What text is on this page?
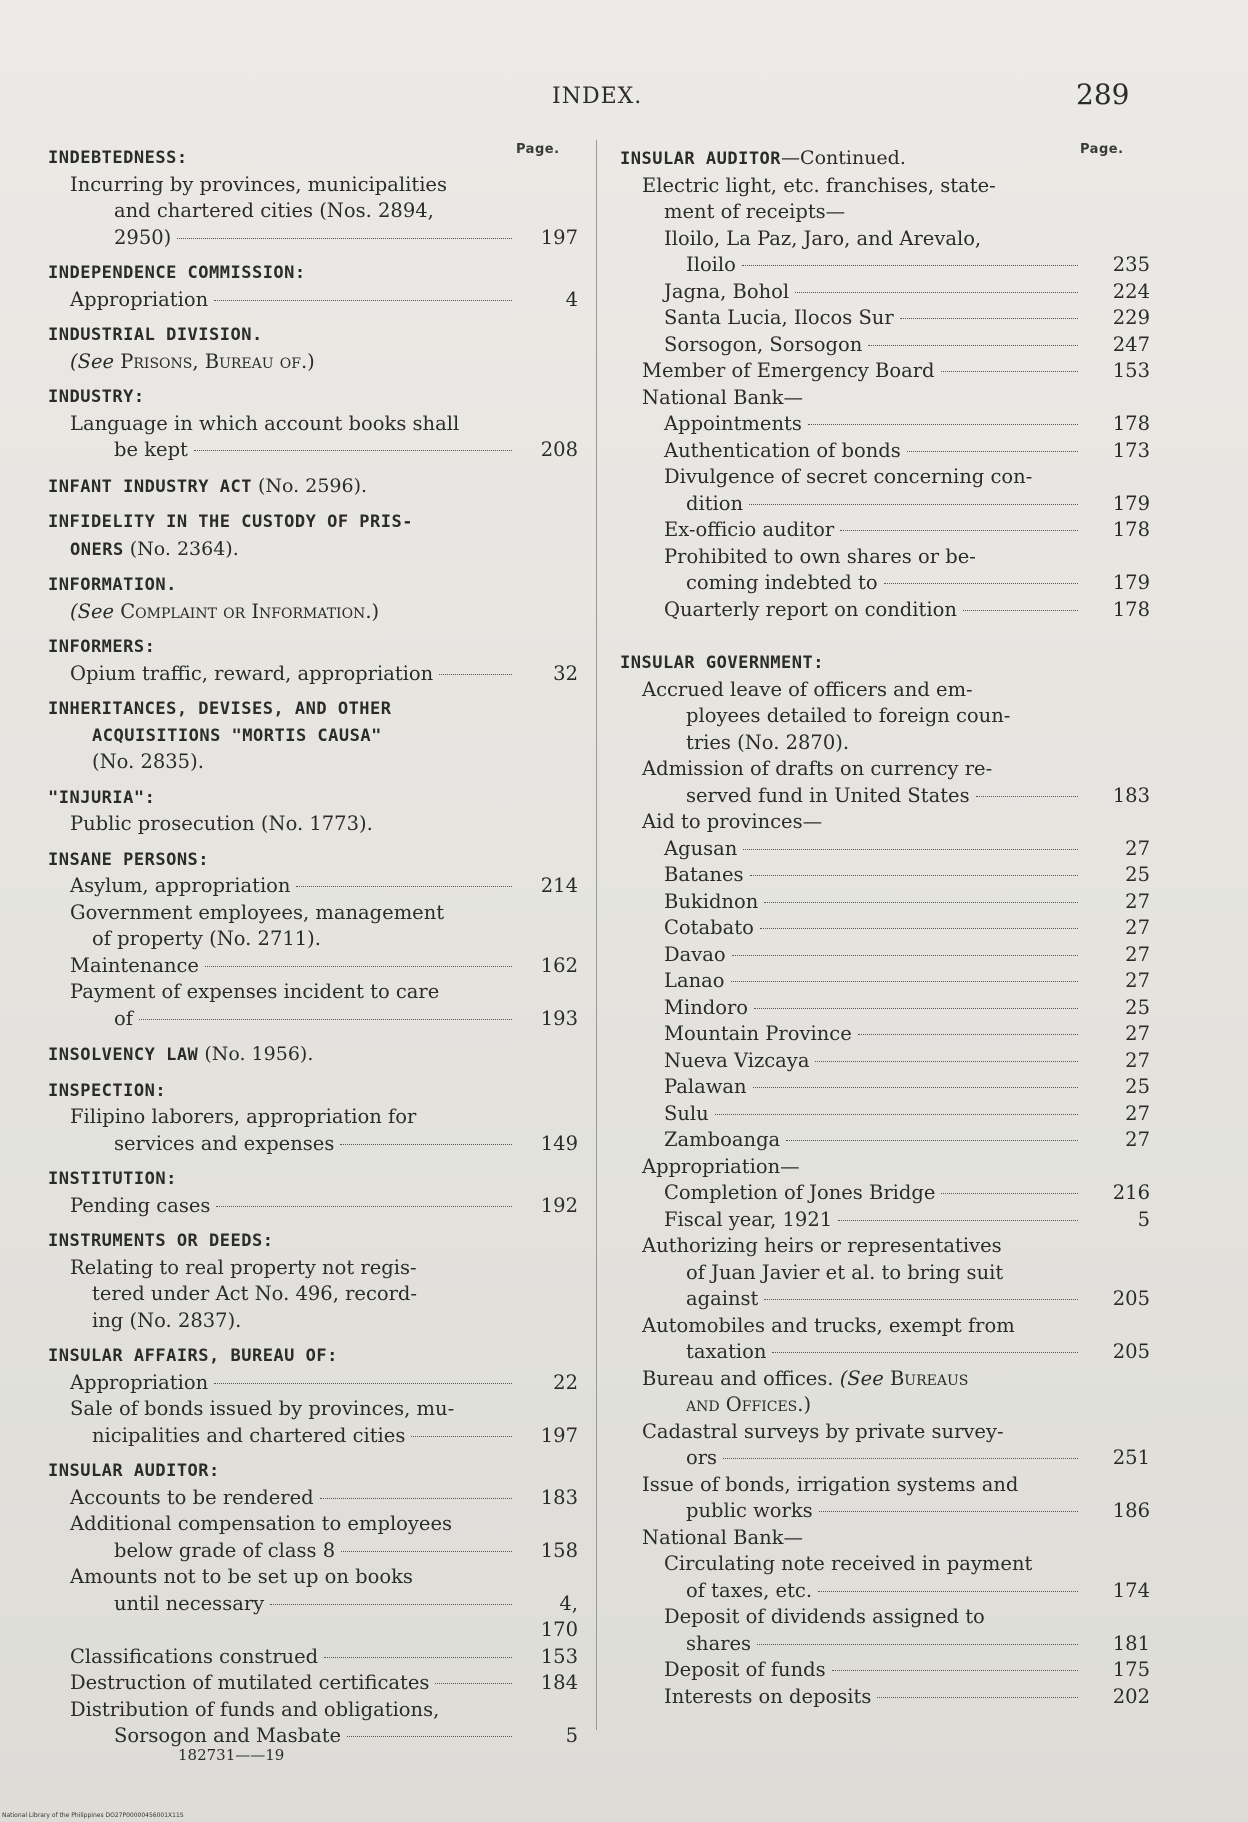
INDEX.	289
Page.	Page.
INDEBTEDNESS:
Incurring by provinces, municipalities
and chartered cities (Nos. 2894,
2950)	197
INDEPENDENCE COMMISSION:
Appropriation	4
INDUSTRIAL DIVISION.
(See Prisons, Bureau of.)
INDUSTRY:
Language in which account books shall
be kept	208
INFANT INDUSTRY ACT (No. 2596).
INFIDELITY IN THE CUSTODY OF PRIS-
ONERS (No. 2364).
INFORMATION.
(See Complaint or Information.)
INFORMERS:
Opium traffic, reward, appropriation	32
INHERITANCES, DEVISES, AND OTHER
ACQUISITIONS "MORTIS CAUSA"
(No. 2835).
"INJURIA":
Public prosecution (No. 1773).
INSANE PERSONS:
Asylum, appropriation	214
Government employees, management
of property (No. 2711).
Maintenance	162
Payment of expenses incident to care
of	193
INSOLVENCY LAW (No. 1956).
INSPECTION:
Filipino laborers, appropriation for
services and expenses	149
INSTITUTION:
Pending cases	192
INSTRUMENTS OR DEEDS:
Relating to real property not regis-
tered under Act No. 496, record-
ing (No. 2837).
INSULAR AFFAIRS, BUREAU OF:
Appropriation	22
Sale of bonds issued by provinces, mu-
nicipalities and chartered cities	197
INSULAR AUDITOR:
Accounts to be rendered	183
Additional compensation to employees
below grade of class 8	158
Amounts not to be set up on books
until necessary	4, 170
Classifications construed	153
Destruction of mutilated certificates	184
Distribution of funds and obligations,
Sorsogon and Masbate	5
INSULAR AUDITOR—Continued.
Electric light, etc. franchises, state-
ment of receipts—
Iloilo, La Paz, Jaro, and Arevalo,
Iloilo	235
Jagna, Bohol	224
Santa Lucia, Ilocos Sur	229
Sorsogon, Sorsogon	247
Member of Emergency Board	153
National Bank—
Appointments	178
Authentication of bonds	173
Divulgence of secret concerning con-
dition	179
Ex-officio auditor	178
Prohibited to own shares or be-
coming indebted to	179
Quarterly report on condition	178
INSULAR GOVERNMENT:
Accrued leave of officers and em-
ployees detailed to foreign coun-
tries (No. 2870).
Admission of drafts on currency re-
served fund in United States	183
Aid to provinces—
Agusan	27
Batanes	25
Bukidnon	27
Cotabato	27
Davao	27
Lanao	27
Mindoro	25
Mountain Province	27
Nueva Vizcaya	27
Palawan	25
Sulu	27
Zamboanga	27
Appropriation—
Completion of Jones Bridge	216
Fiscal year, 1921	5
Authorizing heirs or representatives
of Juan Javier et al. to bring suit
against	205
Automobiles and trucks, exempt from
taxation	205
Bureau and offices. (See Bureaus
and Offices.)
Cadastral surveys by private survey-
ors	251
Issue of bonds, irrigation systems and
public works	186
National Bank—
Circulating note received in payment
of taxes, etc.	174
Deposit of dividends assigned to
shares	181
Deposit of funds	175
Interests on deposits	202
182731——19
National Library of the Philippines DO27P00000456001X11S
